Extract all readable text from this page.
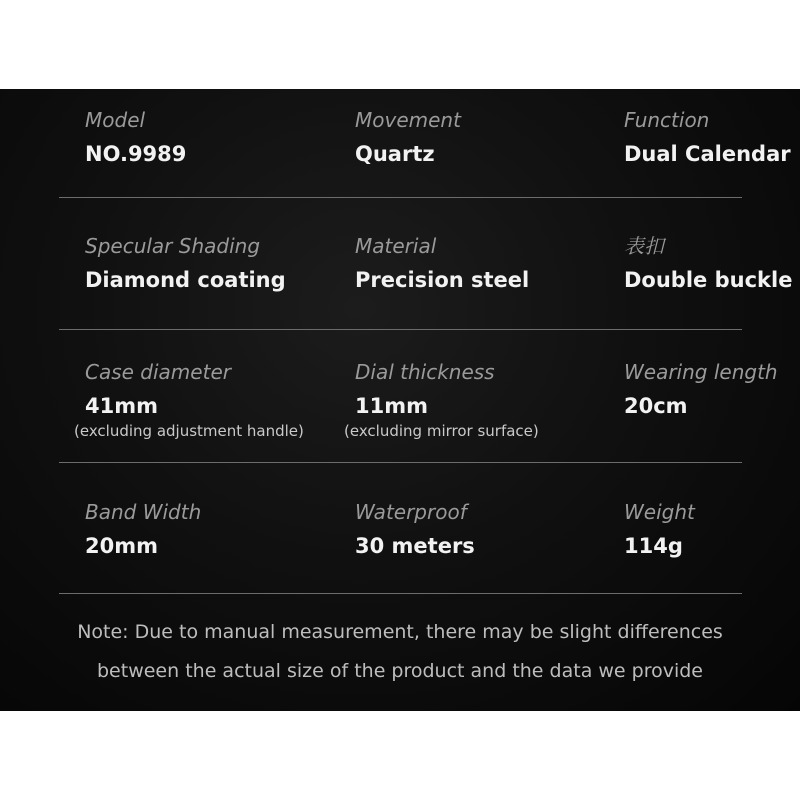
Model
NO.9989
Movement
Quartz
Function
Dual Calendar
Specular Shading
Diamond coating
Material
Precision steel
表扣
Double buckle
Case diameter
41mm
(excluding adjustment handle)
Dial thickness
11mm
(excluding mirror surface)
Wearing length
20cm
Band Width
20mm
Waterproof
30 meters
Weight
114g
Note: Due to manual measurement, there may be slight differences
between the actual size of the product and the data we provide
